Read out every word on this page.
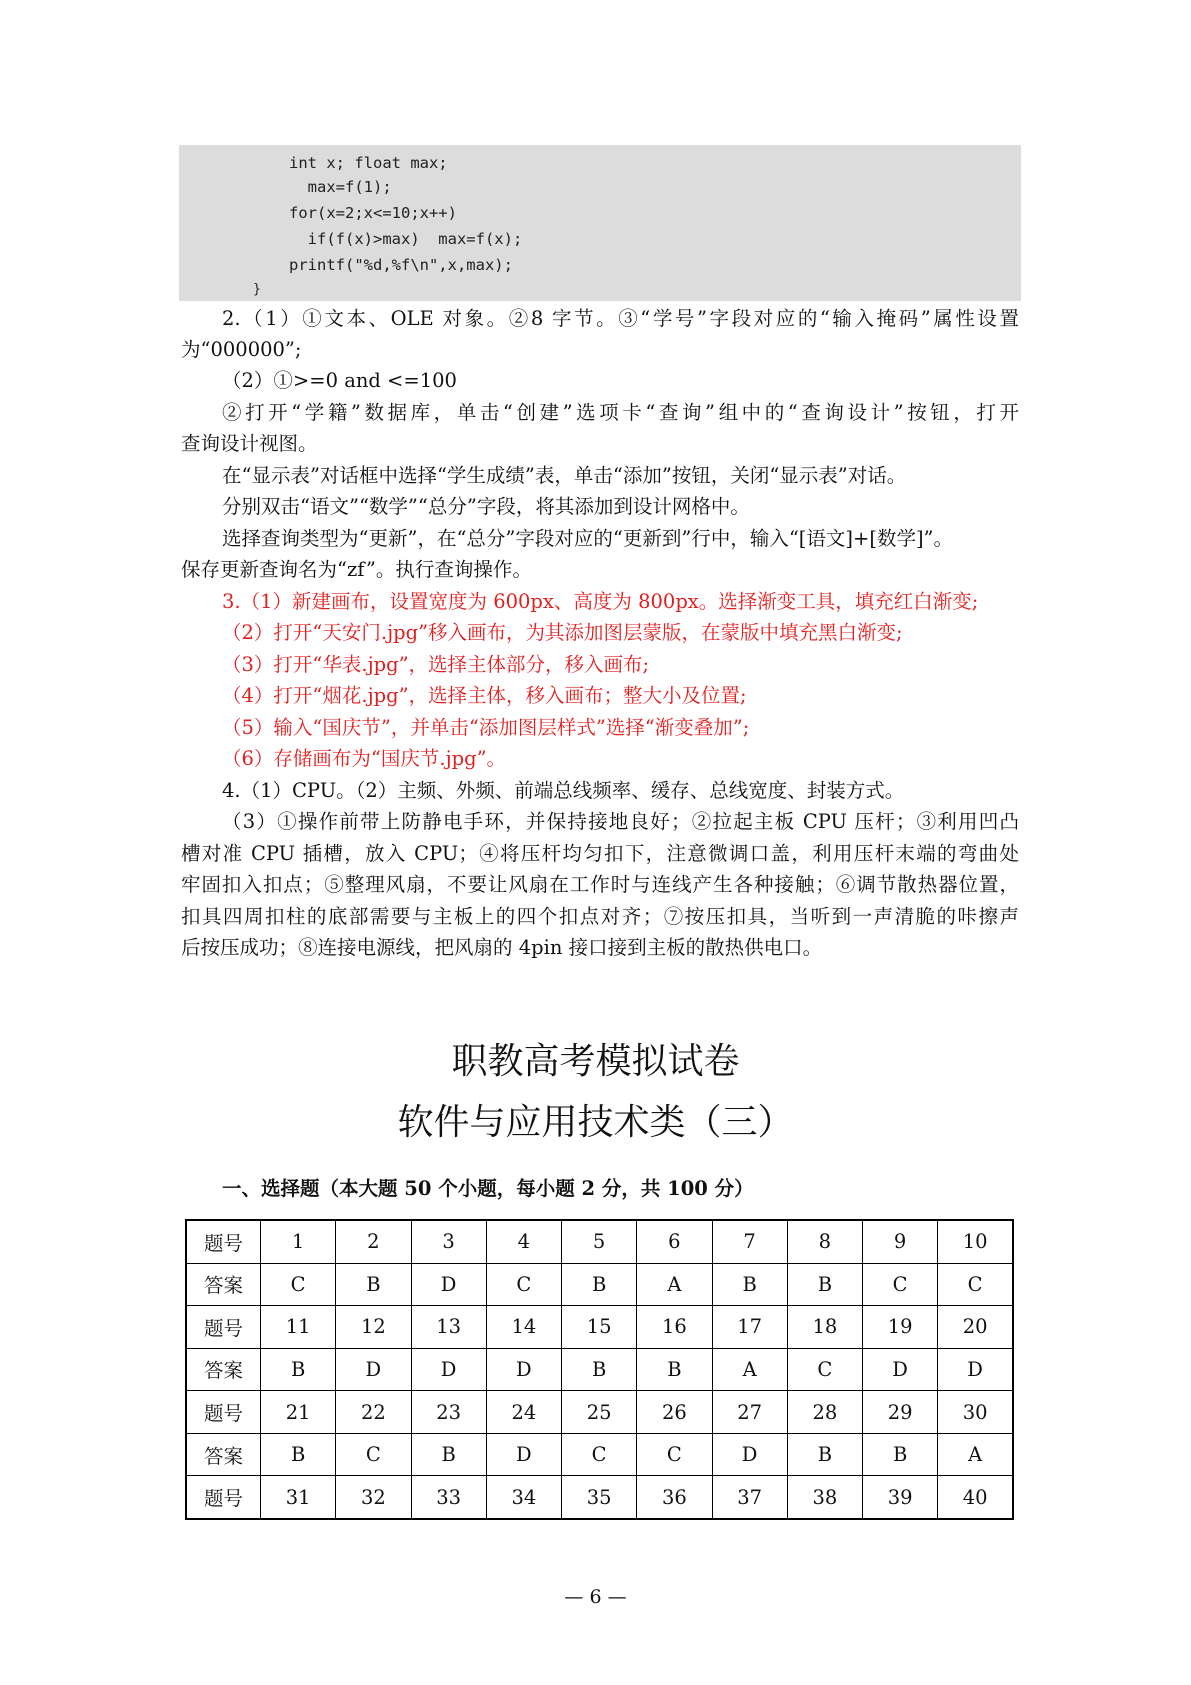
int x; float max;
max=f(1);
for(x=2;x<=10;x++)
if(f(x)>max)  max=f(x);
printf("%d,%f\n",x,max);
}
2.（1）①文本、OLE 对象。②8 字节。③“学号”字段对应的“输入掩码”属性设置
为“000000”;
（2）①>=0 and <=100
②打开“学籍”数据库，单击“创建”选项卡“查询”组中的“查询设计”按钮，打开
查询设计视图。
在“显示表”对话框中选择“学生成绩”表，单击“添加”按钮，关闭“显示表”对话。
分别双击“语文”“数学”“总分”字段，将其添加到设计网格中。
选择查询类型为“更新”，在“总分”字段对应的“更新到”行中，输入“[语文]+[数学]”。
保存更新查询名为“zf”。执行查询操作。
3.（1）新建画布，设置宽度为 600px、高度为 800px。选择渐变工具，填充红白渐变;
（2）打开“天安门.jpg”移入画布，为其添加图层蒙版，在蒙版中填充黑白渐变;
（3）打开“华表.jpg”，选择主体部分，移入画布;
（4）打开“烟花.jpg”，选择主体，移入画布；整大小及位置;
（5）输入“国庆节”，并单击“添加图层样式”选择“渐变叠加”;
（6）存储画布为“国庆节.jpg”。
4.（1）CPU。（2）主频、外频、前端总线频率、缓存、总线宽度、封装方式。
（3）①操作前带上防静电手环，并保持接地良好；②拉起主板 CPU 压杆；③利用凹凸
槽对准 CPU 插槽，放入 CPU；④将压杆均匀扣下，注意微调口盖，利用压杆末端的弯曲处
牢固扣入扣点；⑤整理风扇，不要让风扇在工作时与连线产生各种接触；⑥调节散热器位置，
扣具四周扣柱的底部需要与主板上的四个扣点对齐；⑦按压扣具，当听到一声清脆的咔擦声
后按压成功；⑧连接电源线，把风扇的 4pin 接口接到主板的散热供电口。
职教高考模拟试卷
软件与应用技术类（三）
一、选择题（本大题 50 个小题，每小题 2 分，共 100 分）
题号	1	2	3	4	5	6	7	8	9	10
答案	C	B	D	C	B	A	B	B	C	C
题号	11	12	13	14	15	16	17	18	19	20
答案	B	D	D	D	B	B	A	C	D	D
题号	21	22	23	24	25	26	27	28	29	30
答案	B	C	B	D	C	C	D	B	B	A
题号	31	32	33	34	35	36	37	38	39	40
— 6 —
